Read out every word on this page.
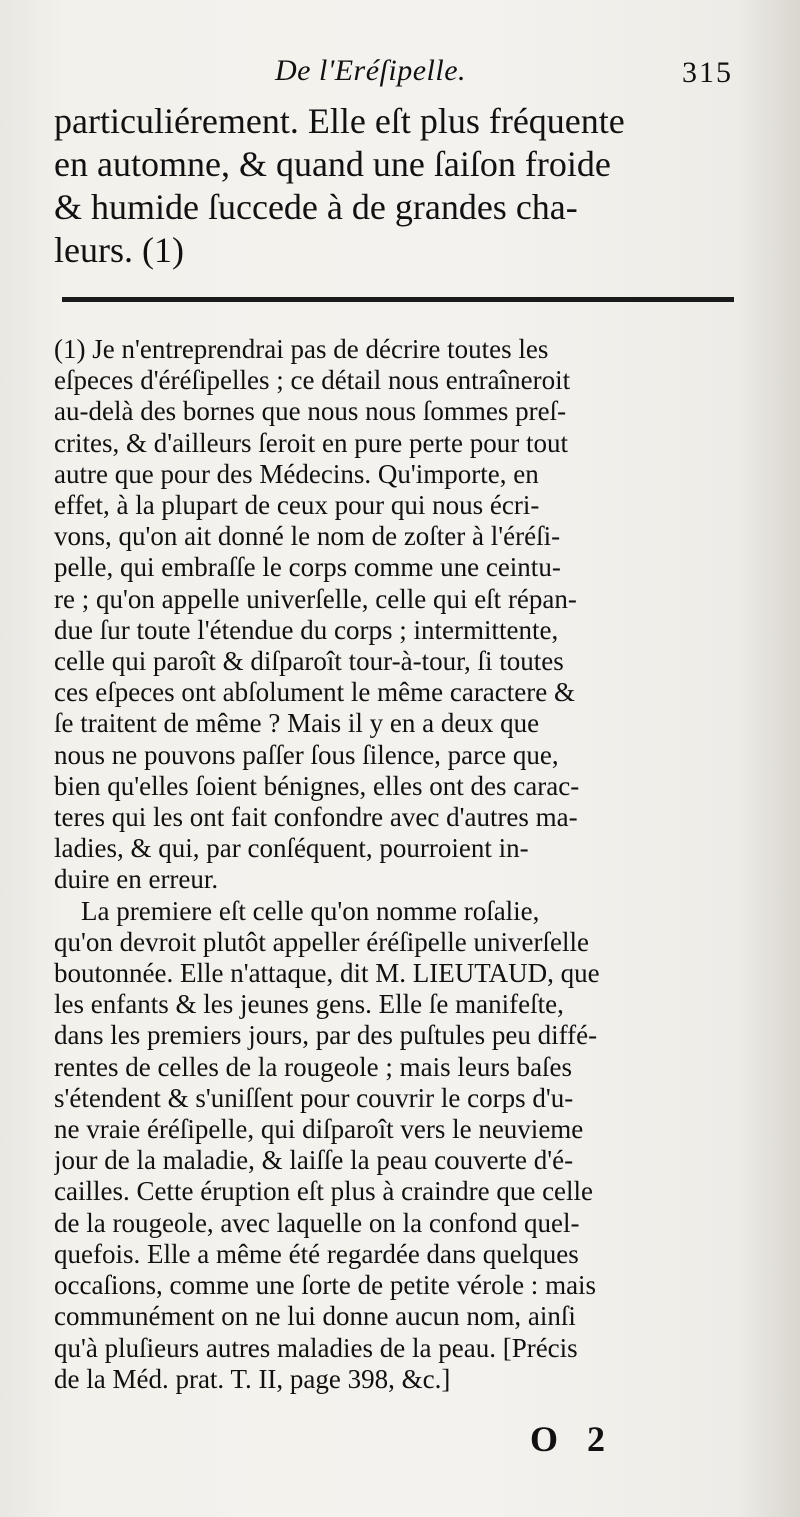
De l'Eréſipelle.	315
particuliérement. Elle eſt plus fréquente
en automne, & quand une ſaiſon froide
& humide ſuccede à de grandes cha-
leurs. (1)
(1) Je n'entreprendrai pas de décrire toutes les
eſpeces d'éréſipelles ; ce détail nous entraîneroit
au-delà des bornes que nous nous ſommes preſ-
crites, & d'ailleurs ſeroit en pure perte pour tout
autre que pour des Médecins. Qu'importe, en
effet, à la plupart de ceux pour qui nous écri-
vons, qu'on ait donné le nom de zoſter à l'éréſi-
pelle, qui embraſſe le corps comme une ceintu-
re ; qu'on appelle univerſelle, celle qui eſt répan-
due ſur toute l'étendue du corps ; intermittente,
celle qui paroît & diſparoît tour-à-tour, ſi toutes
ces eſpeces ont abſolument le même caractere &
ſe traitent de même ? Mais il y en a deux que
nous ne pouvons paſſer ſous ſilence, parce que,
bien qu'elles ſoient bénignes, elles ont des carac-
teres qui les ont fait confondre avec d'autres ma-
ladies, & qui, par conſéquent, pourroient in-
duire en erreur.
La premiere eſt celle qu'on nomme roſalie,
qu'on devroit plutôt appeller éréſipelle univerſelle
boutonnée. Elle n'attaque, dit M. LIEUTAUD, que
les enfants & les jeunes gens. Elle ſe manifeſte,
dans les premiers jours, par des puſtules peu diffé-
rentes de celles de la rougeole ; mais leurs baſes
s'étendent & s'uniſſent pour couvrir le corps d'u-
ne vraie éréſipelle, qui diſparoît vers le neuvieme
jour de la maladie, & laiſſe la peau couverte d'é-
cailles. Cette éruption eſt plus à craindre que celle
de la rougeole, avec laquelle on la confond quel-
quefois. Elle a même été regardée dans quelques
occaſions, comme une ſorte de petite vérole : mais
communément on ne lui donne aucun nom, ainſi
qu'à pluſieurs autres maladies de la peau. [Précis
de la Méd. prat. T. II, page 398, &c.]
O 2
